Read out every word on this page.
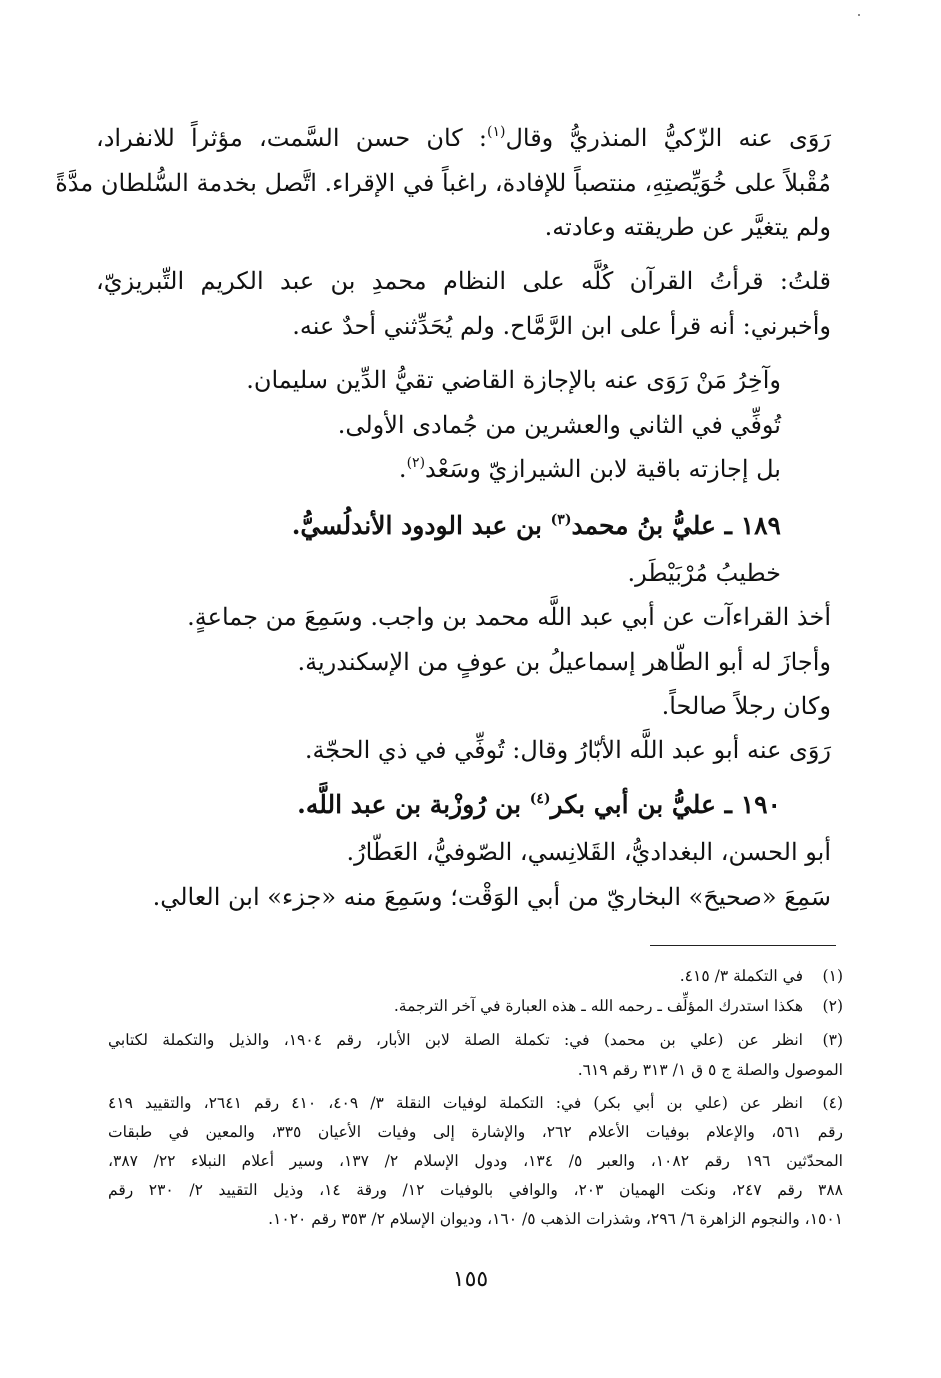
رَوَى عنه الزّكيُّ المنذريُّ وقال$^{(١)}$: كان حسن السَّمت، مؤثراً للانفراد،
مُقْبلاً على خُوَيِّصتِهِ، منتصباً للإفادة، راغباً في الإقراء. اتَّصل بخدمة السُّلطان مدَّةً
ولم يتغيَّر عن طريقته وعادته.
قلتُ: قرأتُ القرآن كُلَّه على النظام محمدِ بن عبد الكريم التِّبريزيّ،
وأخبرني: أنه قرأ على ابن الرَّمَّاح. ولم يُحَدِّثني أحدٌ عنه.
وآخِرُ مَنْ رَوَى عنه بالإجازة القاضي تقيُّ الدِّين سليمان.
تُوفِّي في الثاني والعشرين من جُمادى الأولى.
بل إجازته باقية لابن الشيرازيّ وسَعْد$^{(٢)}$.
١٨٩ ـ عليُّ بنُ محمد$^{(٣)}$ بن عبد الودود الأندلُسيُّ.
خطيبُ مُرْبَيْطَر.
أخذ القراءآت عن أبي عبد اللَّه محمد بن واجب. وسَمِعَ من جماعةٍ.
وأجازَ له أبو الطّاهر إسماعيلُ بن عوفٍ من الإسكندرية.
وكان رجلاً صالحاً.
رَوَى عنه أبو عبد اللَّه الأبّارُ وقال: تُوفِّي في ذي الحجّة.
١٩٠ ـ عليُّ بن أبي بكر$^{(٤)}$ بن رُوزْبة بن عبد اللَّه.
أبو الحسن، البغداديُّ، القَلانِسي، الصّوفيُّ، العَطّارُ.
سَمِعَ «صحيحَ» البخاريّ من أبي الوَقْت؛ وسَمِعَ منه «جزء» ابن العالي.
(١)
في التكملة ٣/ ٤١٥.
(٢)
هكذا استدرك المؤلِّف ـ رحمه الله ـ هذه العبارة في آخر الترجمة.
(٣)
انظر عن (علي بن محمد) في: تكملة الصلة لابن الأبار، رقم ١٩٠٤، والذيل والتكملة لكتابي
الموصول والصلة ج ٥ ق ١/ ٣١٣ رقم ٦١٩.
(٤)
انظر عن (علي بن أبي بكر) في: التكملة لوفيات النقلة ٣/ ٤٠٩، ٤١٠ رقم ٢٦٤١، والتقييد ٤١٩
رقم ٥٦١، والإعلام بوفيات الأعلام ٢٦٢، والإشارة إلى وفيات الأعيان ٣٣٥، والمعين في طبقات
المحدّثين ١٩٦ رقم ١٠٨٢، والعبر ٥/ ١٣٤، ودول الإسلام ٢/ ١٣٧، وسير أعلام النبلاء ٢٢/ ٣٨٧،
٣٨٨ رقم ٢٤٧، ونكت الهميان ٢٠٣، والوافي بالوفيات ١٢/ ورقة ١٤، وذيل التقييد ٢/ ٢٣٠ رقم
١٥٠١، والنجوم الزاهرة ٦/ ٢٩٦، وشذرات الذهب ٥/ ١٦٠، وديوان الإسلام ٢/ ٣٥٣ رقم ١٠٢٠.
١٥٥
